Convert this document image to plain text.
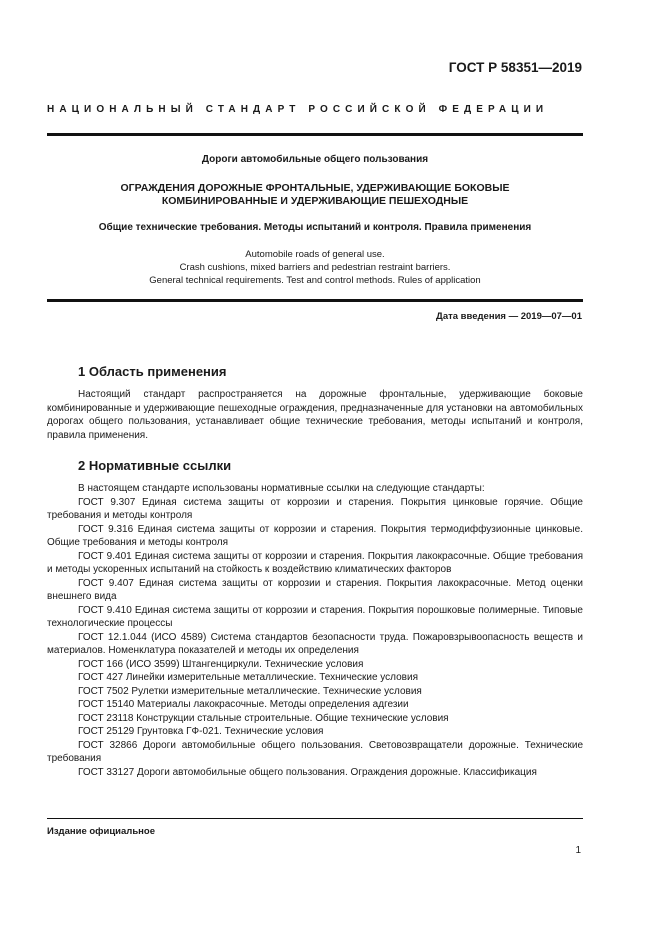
ГОСТ Р 58351—2019
НАЦИОНАЛЬНЫЙ СТАНДАРТ РОССИЙСКОЙ ФЕДЕРАЦИИ
Дороги автомобильные общего пользования
ОГРАЖДЕНИЯ ДОРОЖНЫЕ ФРОНТАЛЬНЫЕ, УДЕРЖИВАЮЩИЕ БОКОВЫЕ
КОМБИНИРОВАННЫЕ И УДЕРЖИВАЮЩИЕ ПЕШЕХОДНЫЕ
Общие технические требования. Методы испытаний и контроля. Правила применения
Automobile roads of general use.
Crash cushions, mixed barriers and pedestrian restraint barriers.
General technical requirements. Test and control methods. Rules of application
Дата введения — 2019—07—01
1 Область применения

Настоящий стандарт распространяется на дорожные фронтальные, удерживающие боковые комбинированные и удерживающие пешеходные ограждения, предназначенные для установки на автомобильных дорогах общего пользования, устанавливает общие технические требования, методы испытаний и контроля, правила применения.

2 Нормативные ссылки

В настоящем стандарте использованы нормативные ссылки на следующие стандарты:

ГОСТ 9.307 Единая система защиты от коррозии и старения. Покрытия цинковые горячие. Общие требования и методы контроля

ГОСТ 9.316 Единая система защиты от коррозии и старения. Покрытия термодиффузионные цинковые. Общие требования и методы контроля

ГОСТ 9.401 Единая система защиты от коррозии и старения. Покрытия лакокрасочные. Общие требования и методы ускоренных испытаний на стойкость к воздействию климатических факторов

ГОСТ 9.407 Единая система защиты от коррозии и старения. Покрытия лакокрасочные. Метод оценки внешнего вида

ГОСТ 9.410 Единая система защиты от коррозии и старения. Покрытия порошковые полимерные. Типовые технологические процессы

ГОСТ 12.1.044 (ИСО 4589) Система стандартов безопасности труда. Пожаровзрывоопасность веществ и материалов. Номенклатура показателей и методы их определения

ГОСТ 166 (ИСО 3599) Штангенциркули. Технические условия

ГОСТ 427 Линейки измерительные металлические. Технические условия

ГОСТ 7502 Рулетки измерительные металлические. Технические условия

ГОСТ 15140 Материалы лакокрасочные. Методы определения адгезии

ГОСТ 23118 Конструкции стальные строительные. Общие технические условия

ГОСТ 25129 Грунтовка ГФ-021. Технические условия

ГОСТ 32866 Дороги автомобильные общего пользования. Световозвращатели дорожные. Технические требования

ГОСТ 33127 Дороги автомобильные общего пользования. Ограждения дорожные. Классификация

Издание официальное
1
